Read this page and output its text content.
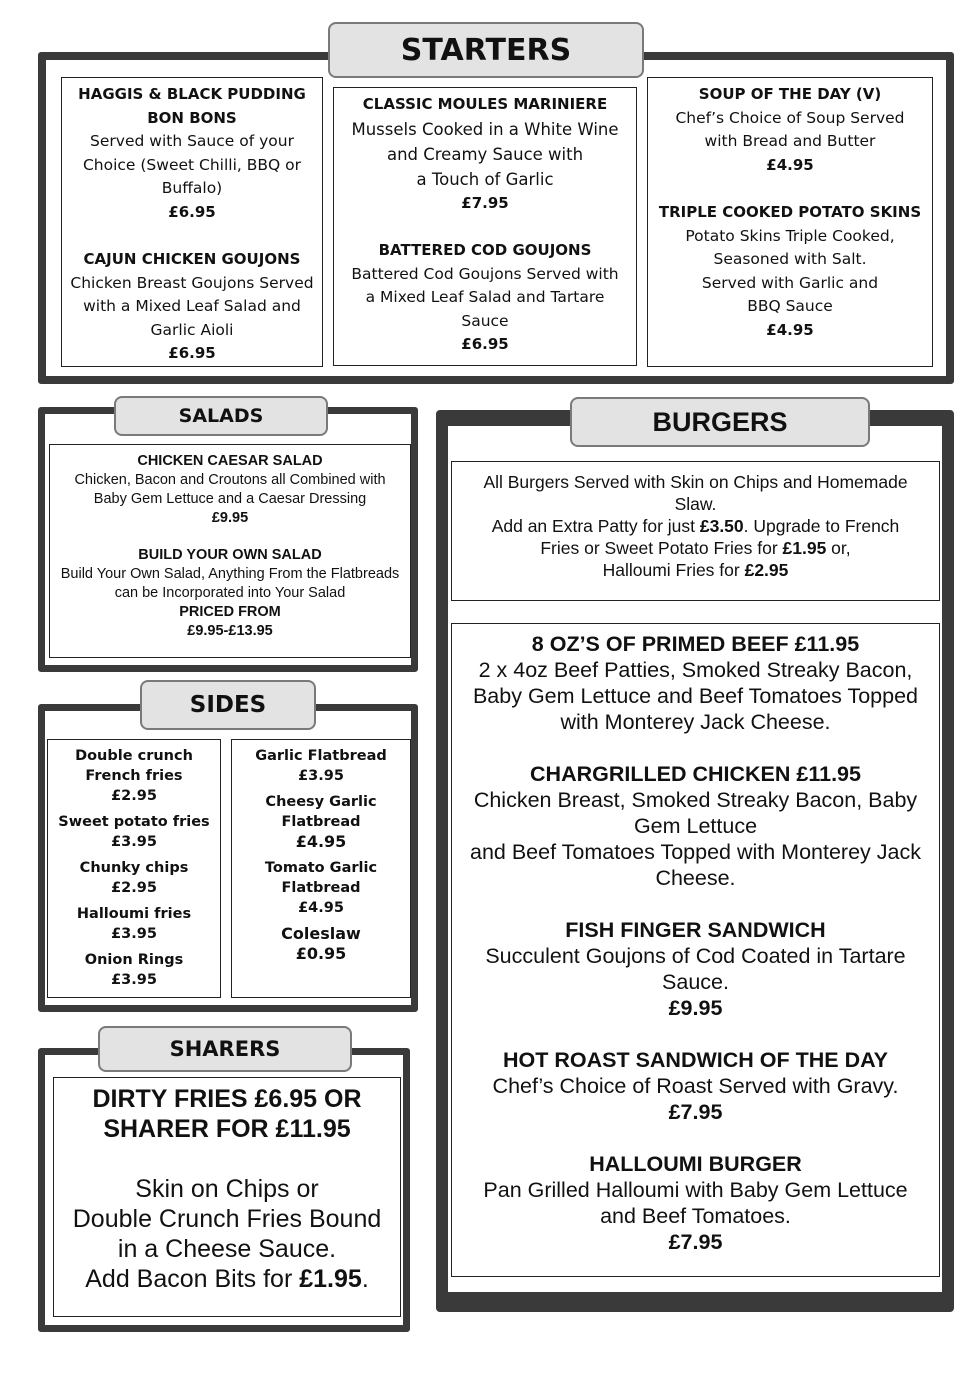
STARTERS
HAGGIS & BLACK PUDDING BON BONS
Served with Sauce of your Choice (Sweet Chilli, BBQ or Buffalo)
£6.95
CAJUN CHICKEN GOUJONS
Chicken Breast Goujons Served with a Mixed Leaf Salad and Garlic Aioli
£6.95
CLASSIC MOULES MARINIERE
Mussels Cooked in a White Wine
and Creamy Sauce with
a Touch of Garlic
£7.95
BATTERED COD GOUJONS
Battered Cod Goujons Served with a Mixed Leaf Salad and Tartare Sauce
£6.95
SOUP OF THE DAY (V)
Chef’s Choice of Soup Served with Bread and Butter
£4.95
TRIPLE COOKED POTATO SKINS
Potato Skins Triple Cooked,
Seasoned with Salt.
Served with Garlic and
BBQ Sauce
£4.95
SALADS
CHICKEN CAESAR SALAD
Chicken, Bacon and Croutons all Combined with Baby Gem Lettuce and a Caesar Dressing
£9.95
BUILD YOUR OWN SALAD
Build Your Own Salad, Anything From the Flatbreads can be Incorporated into Your Salad
PRICED FROM
£9.95-£13.95
SIDES
Double crunch French fries
£2.95
Sweet potato fries
£3.95
Chunky chips
£2.95
Halloumi fries
£3.95
Onion Rings
£3.95
Garlic Flatbread
£3.95
Cheesy Garlic Flatbread
£4.95
Tomato Garlic Flatbread
£4.95
Coleslaw
£0.95
SHARERS
DIRTY FRIES £6.95 OR
SHARER FOR £11.95
Skin on Chips or
Double Crunch Fries Bound
in a Cheese Sauce.
Add Bacon Bits for £1.95.
BURGERS
All Burgers Served with Skin on Chips and Homemade Slaw.
Add an Extra Patty for just £3.50. Upgrade to French Fries or Sweet Potato Fries for £1.95 or,
Halloumi Fries for £2.95
8 OZ’S OF PRIMED BEEF £11.95
2 x 4oz Beef Patties, Smoked Streaky Bacon, Baby Gem Lettuce and Beef Tomatoes Topped with Monterey Jack Cheese.
CHARGRILLED CHICKEN £11.95
Chicken Breast, Smoked Streaky Bacon, Baby Gem Lettuce
and Beef Tomatoes Topped with Monterey Jack Cheese.
FISH FINGER SANDWICH
Succulent Goujons of Cod Coated in Tartare Sauce.
£9.95
HOT ROAST SANDWICH OF THE DAY
Chef’s Choice of Roast Served with Gravy.
£7.95
HALLOUMI BURGER
Pan Grilled Halloumi with Baby Gem Lettuce and Beef Tomatoes.
£7.95
